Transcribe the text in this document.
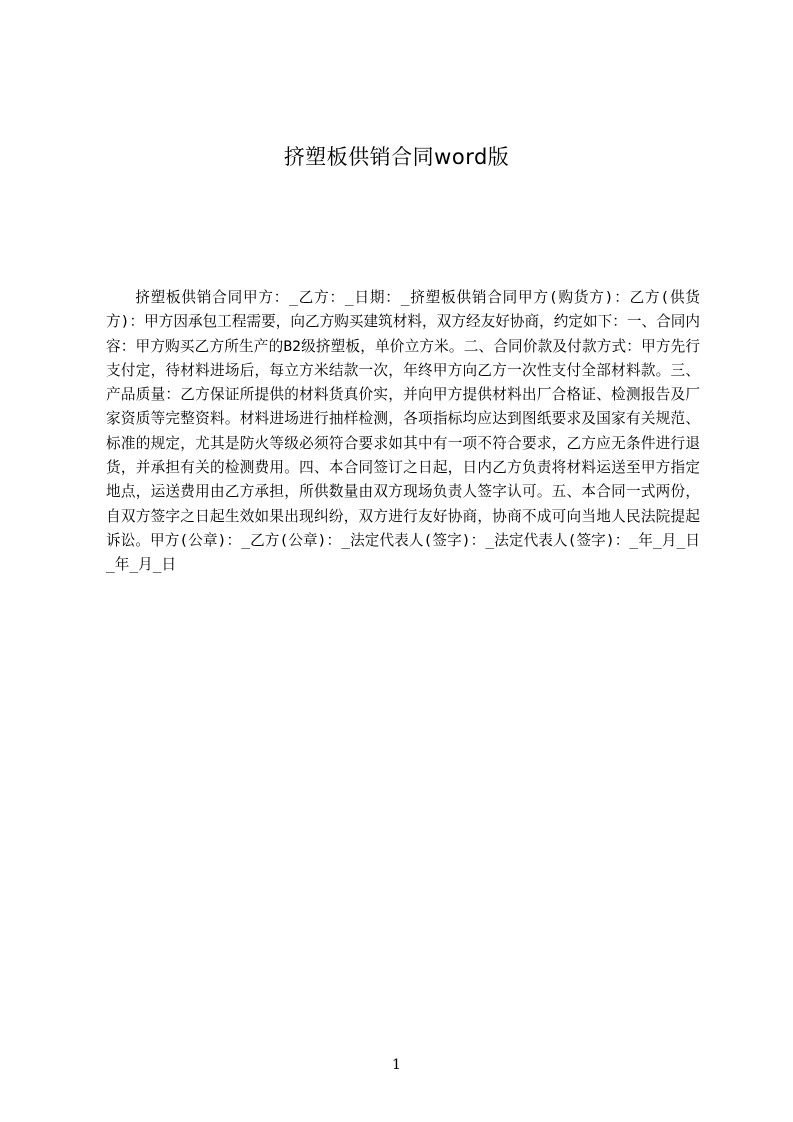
挤塑板供销合同word版

挤塑板供销合同甲方：_乙方：_日期：_挤塑板供销合同甲方(购货方)：乙方(供货方)：甲方因承包工程需要，向乙方购买建筑材料，双方经友好协商，约定如下：一、合同内容：甲方购买乙方所生产的B2级挤塑板，单价立方米。二、合同价款及付款方式：甲方先行支付定，待材料进场后，每立方米结款一次，年终甲方向乙方一次性支付全部材料款。三、产品质量：乙方保证所提供的材料货真价实，并向甲方提供材料出厂合格证、检测报告及厂家资质等完整资料。材料进场进行抽样检测，各项指标均应达到图纸要求及国家有关规范、标准的规定，尤其是防火等级必须符合要求如其中有一项不符合要求，乙方应无条件进行退货，并承担有关的检测费用。四、本合同签订之日起，日内乙方负责将材料运送至甲方指定地点，运送费用由乙方承担，所供数量由双方现场负责人签字认可。五、本合同一式两份，自双方签字之日起生效如果出现纠纷，双方进行友好协商，协商不成可向当地人民法院提起诉讼。甲方(公章)：_乙方(公章)：_法定代表人(签字)：_法定代表人(签字)：_年_月_日_年_月_日

1
